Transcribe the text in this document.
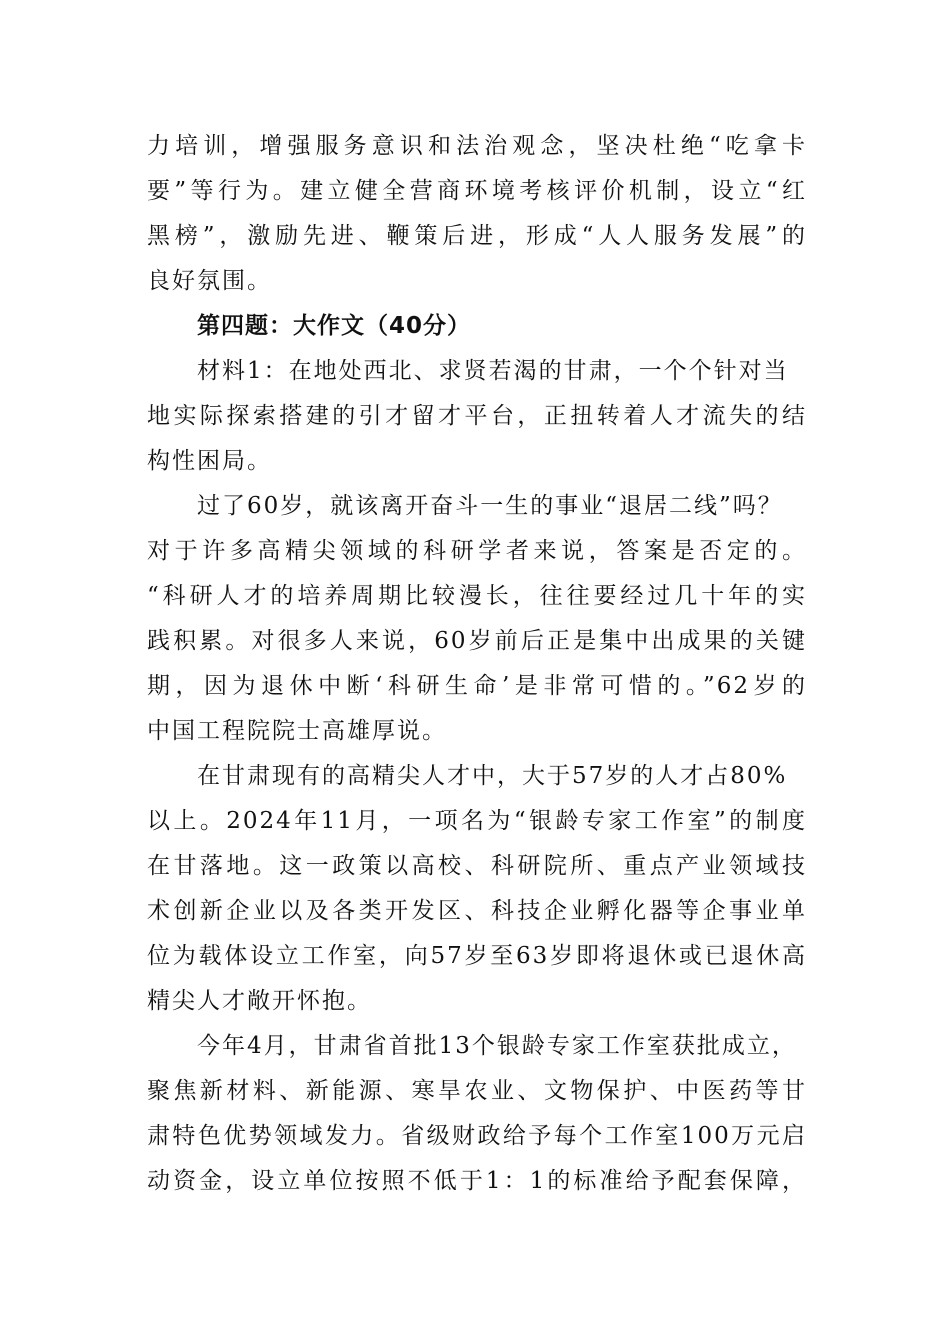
力培训，增强服务意识和法治观念，坚决杜绝“吃拿卡
要”等行为。建立健全营商环境考核评价机制，设立“红
黑榜”，激励先进、鞭策后进，形成“人人服务发展”的
良好氛围。
第四题：大作文（40分）
材料1：在地处西北、求贤若渴的甘肃，一个个针对当
地实际探索搭建的引才留才平台，正扭转着人才流失的结
构性困局。
过了60岁，就该离开奋斗一生的事业“退居二线”吗？
对于许多高精尖领域的科研学者来说，答案是否定的。
“科研人才的培养周期比较漫长，往往要经过几十年的实
践积累。对很多人来说，60岁前后正是集中出成果的关键
期，因为退休中断‘科研生命’是非常可惜的。”62岁的
中国工程院院士高雄厚说。
在甘肃现有的高精尖人才中，大于57岁的人才占80%
以上。2024年11月，一项名为“银龄专家工作室”的制度
在甘落地。这一政策以高校、科研院所、重点产业领域技
术创新企业以及各类开发区、科技企业孵化器等企事业单
位为载体设立工作室，向57岁至63岁即将退休或已退休高
精尖人才敞开怀抱。
今年4月，甘肃省首批13个银龄专家工作室获批成立，
聚焦新材料、新能源、寒旱农业、文物保护、中医药等甘
肃特色优势领域发力。省级财政给予每个工作室100万元启
动资金，设立单位按照不低于1：1的标准给予配套保障，
